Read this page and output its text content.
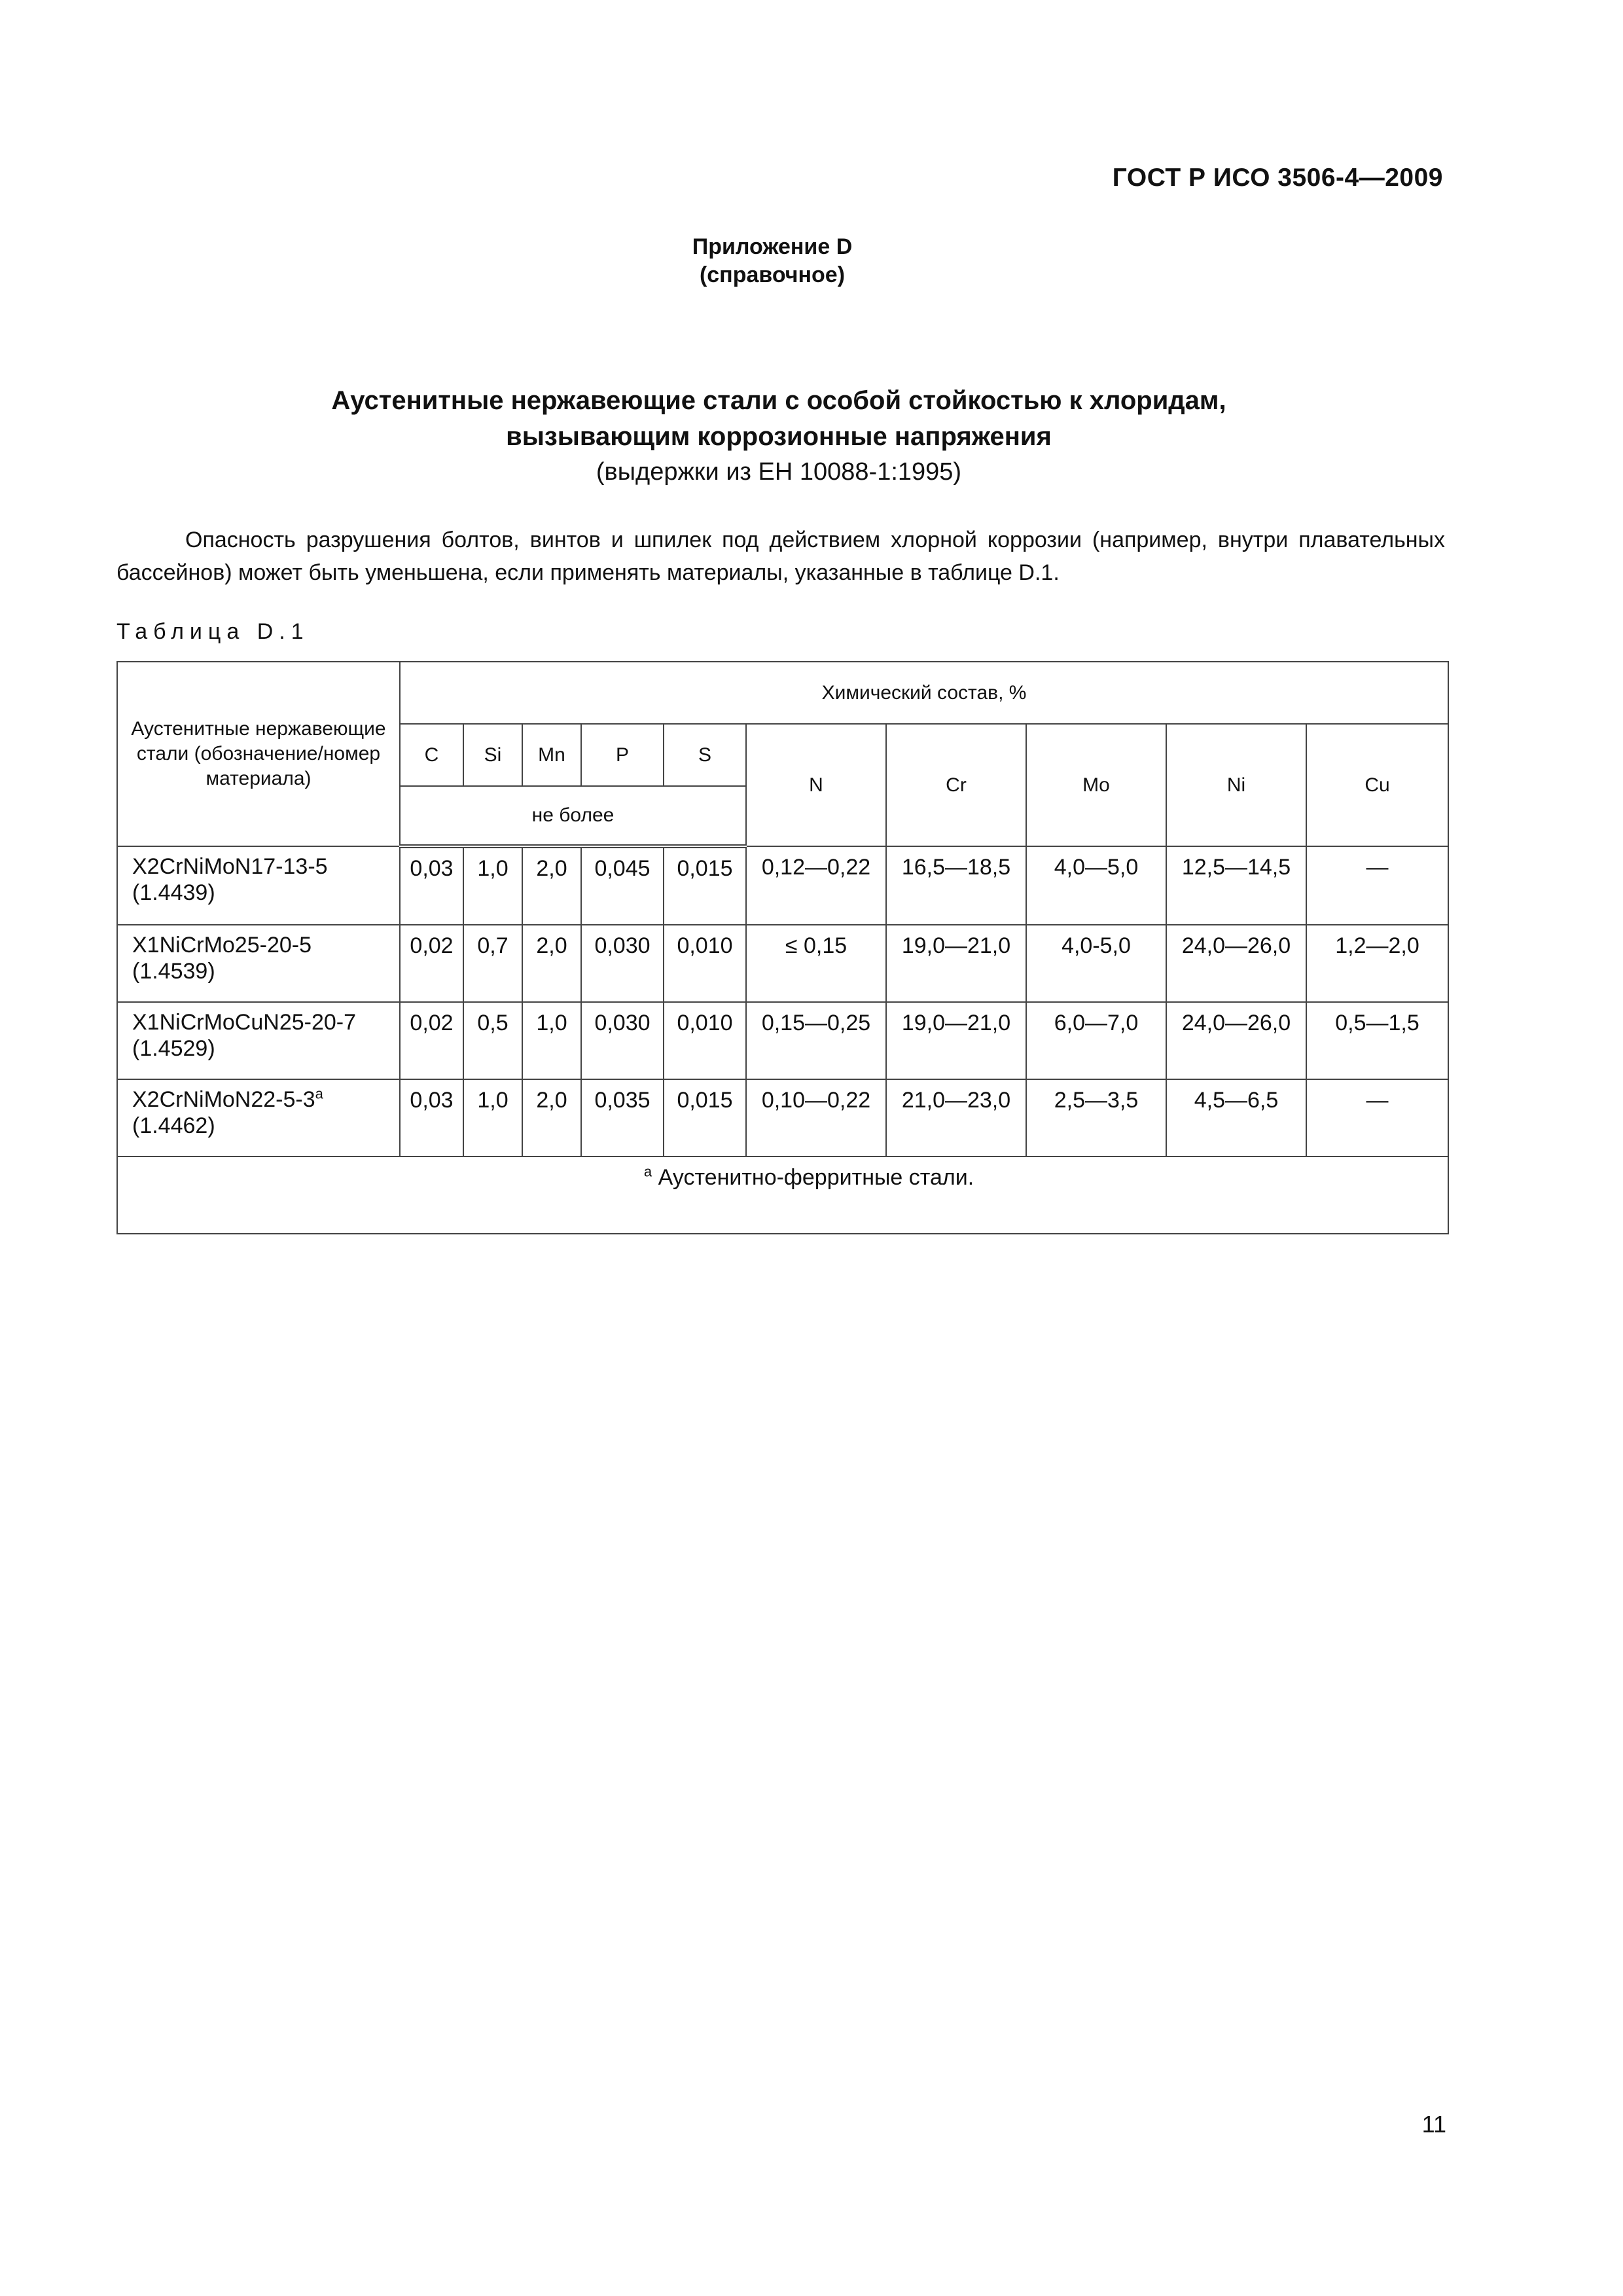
ГОСТ Р ИСО 3506-4—2009
Приложение D
(справочное)
Аустенитные нержавеющие стали с особой стойкостью к хлоридам,
вызывающим коррозионные напряжения
(выдержки из ЕН 10088-1:1995)
Опасность разрушения болтов, винтов и шпилек под действием хлорной коррозии (например, внутри плавательных бассейнов) может быть уменьшена, если применять материалы, указанные в таблице D.1.
Таблица D.1
Аустенитные нержавеющие стали (обозначение/номер материала)	Химический состав, %									
	C	Si	Mn	P	S	N	Cr	Mo	Ni	Cu
	не более									
X2CrNiMoN17-13-5
(1.4439)	0,03	1,0	2,0	0,045	0,015	0,12—0,22	16,5—18,5	4,0—5,0	12,5—14,5	—
X1NiCrMo25-20-5
(1.4539)	0,02	0,7	2,0	0,030	0,010	≤ 0,15	19,0—21,0	4,0-5,0	24,0—26,0	1,2—2,0
X1NiCrMoCuN25-20-7
(1.4529)	0,02	0,5	1,0	0,030	0,010	0,15—0,25	19,0—21,0	6,0—7,0	24,0—26,0	0,5—1,5
X2CrNiMoN22-5-3$^a$
(1.4462)	0,03	1,0	2,0	0,035	0,015	0,10—0,22	21,0—23,0	2,5—3,5	4,5—6,5	—
$^a$ Аустенитно-ферритные стали.										
11
